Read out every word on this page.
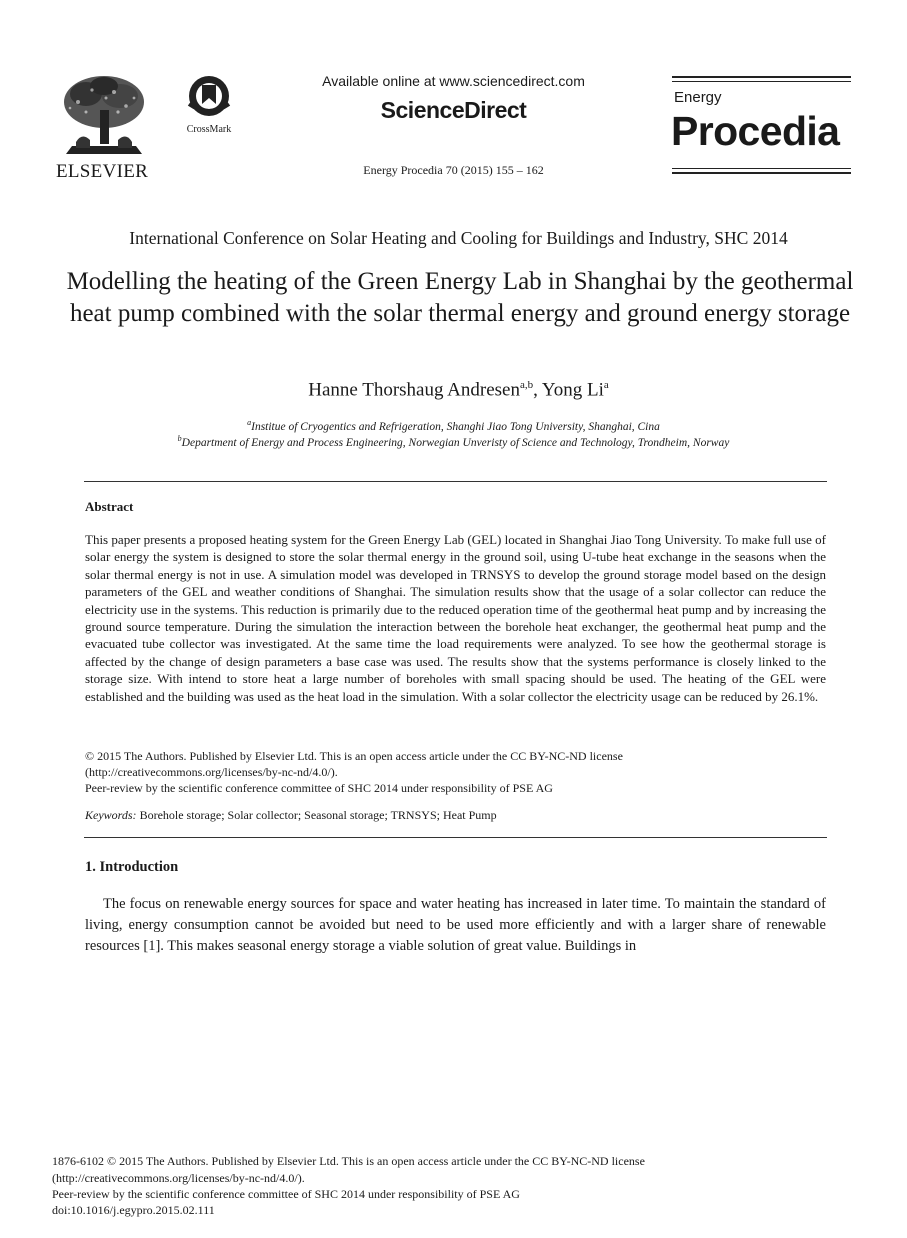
ELSEVIER
CrossMark
Available online at www.sciencedirect.com
ScienceDirect
Energy Procedia 70 (2015) 155 – 162
Energy
Procedia
International Conference on Solar Heating and Cooling for Buildings and Industry, SHC 2014
Modelling the heating of the Green Energy Lab in Shanghai by the geothermal heat pump combined with the solar thermal energy and ground energy storage
Hanne Thorshaug Andresen$^{a,b}$, Yong Li$^a$
$^a$Institue of Cryogentics and Refrigeration, Shanghi Jiao Tong University, Shanghai, Cina
$^b$Department of Energy and Process Engineering, Norwegian Unveristy of Science and Technology, Trondheim, Norway
Abstract
This paper presents a proposed heating system for the Green Energy Lab (GEL) located in Shanghai Jiao Tong University. To make full use of solar energy the system is designed to store the solar thermal energy in the ground soil, using U-tube heat exchange in the seasons when the solar thermal energy is not in use. A simulation model was developed in TRNSYS to develop the ground storage model based on the design parameters of the GEL and weather conditions of Shanghai. The simulation results show that the usage of a solar collector can reduce the electricity use in the systems. This reduction is primarily due to the reduced operation time of the geothermal heat pump and by increasing the ground source temperature. During the simulation the interaction between the borehole heat exchanger, the geothermal heat pump and the evacuated tube collector was investigated. At the same time the load requirements were analyzed. To see how the geothermal storage is affected by the change of design parameters a base case was used. The results show that the systems performance is closely linked to the storage size. With intend to store heat a large number of boreholes with small spacing should be used. The heating of the GEL were established and the building was used as the heat load in the simulation. With a solar collector the electricity usage can be reduced by 26.1%.
© 2015 The Authors. Published by Elsevier Ltd. This is an open access article under the CC BY-NC-ND license
(http://creativecommons.org/licenses/by-nc-nd/4.0/).
Peer-review by the scientific conference committee of SHC 2014 under responsibility of PSE AG
Keywords: Borehole storage; Solar collector; Seasonal storage; TRNSYS; Heat Pump
1. Introduction
The focus on renewable energy sources for space and water heating has increased in later time. To maintain the standard of living, energy consumption cannot be avoided but need to be used more efficiently and with a larger share of renewable resources [1]. This makes seasonal energy storage a viable solution of great value. Buildings in
1876-6102 © 2015 The Authors. Published by Elsevier Ltd. This is an open access article under the CC BY-NC-ND license
(http://creativecommons.org/licenses/by-nc-nd/4.0/).
Peer-review by the scientific conference committee of SHC 2014 under responsibility of PSE AG
doi:10.1016/j.egypro.2015.02.111
